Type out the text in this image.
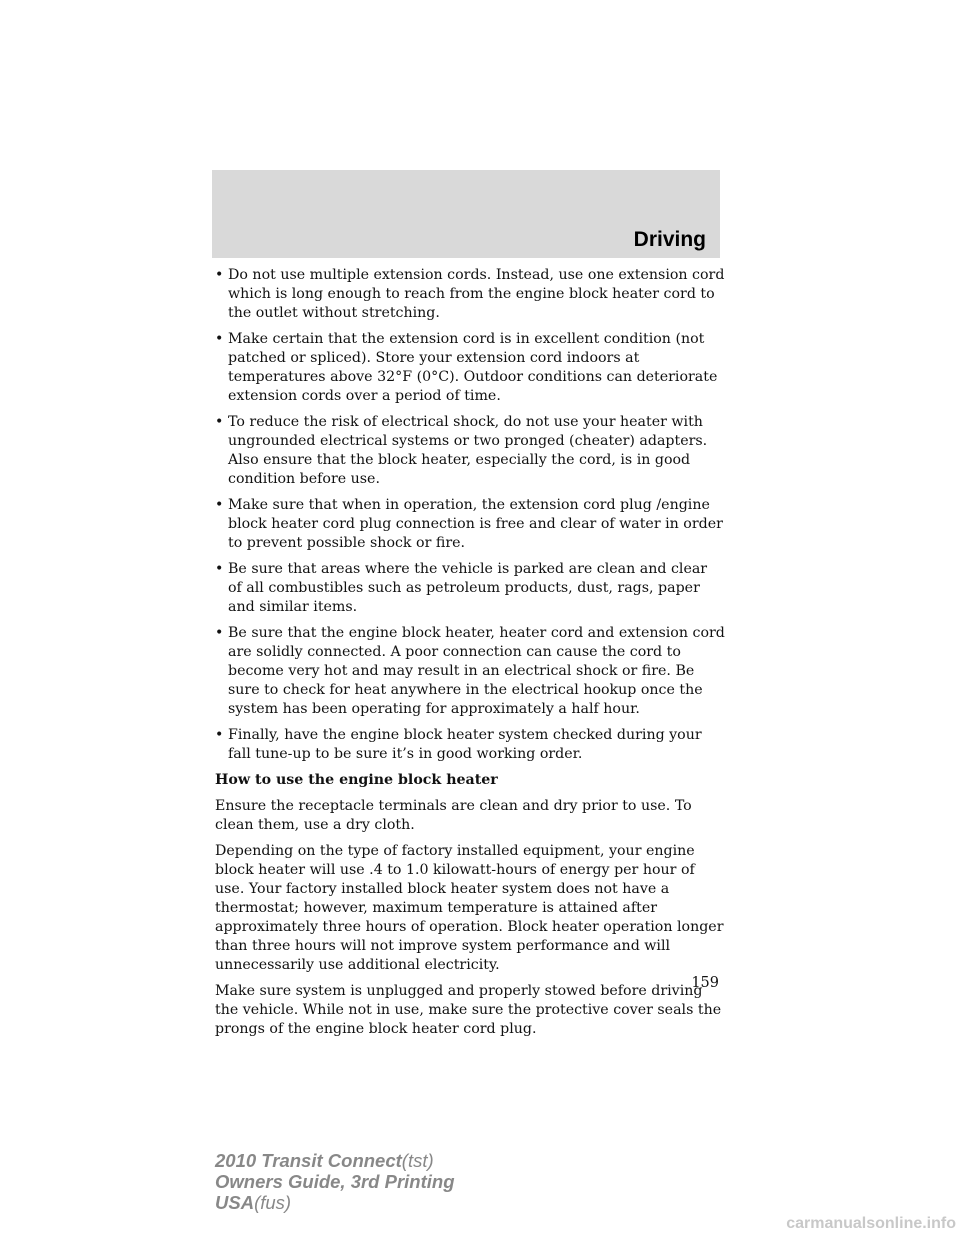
Driving
• Do not use multiple extension cords. Instead, use one extension cord which is long enough to reach from the engine block heater cord to the outlet without stretching.
• Make certain that the extension cord is in excellent condition (not patched or spliced). Store your extension cord indoors at temperatures above 32°F (0°C). Outdoor conditions can deteriorate extension cords over a period of time.
• To reduce the risk of electrical shock, do not use your heater with ungrounded electrical systems or two pronged (cheater) adapters. Also ensure that the block heater, especially the cord, is in good condition before use.
• Make sure that when in operation, the extension cord plug /engine block heater cord plug connection is free and clear of water in order to prevent possible shock or fire.
• Be sure that areas where the vehicle is parked are clean and clear of all combustibles such as petroleum products, dust, rags, paper and similar items.
• Be sure that the engine block heater, heater cord and extension cord are solidly connected. A poor connection can cause the cord to become very hot and may result in an electrical shock or fire. Be sure to check for heat anywhere in the electrical hookup once the system has been operating for approximately a half hour.
• Finally, have the engine block heater system checked during your fall tune-up to be sure it’s in good working order.
How to use the engine block heater

Ensure the receptacle terminals are clean and dry prior to use. To clean them, use a dry cloth.

Depending on the type of factory installed equipment, your engine block heater will use .4 to 1.0 kilowatt-hours of energy per hour of use. Your factory installed block heater system does not have a thermostat; however, maximum temperature is attained after approximately three hours of operation. Block heater operation longer than three hours will not improve system performance and will unnecessarily use additional electricity.

Make sure system is unplugged and properly stowed before driving the vehicle. While not in use, make sure the protective cover seals the prongs of the engine block heater cord plug.

159
2010 Transit Connect(tst)
Owners Guide, 3rd Printing
USA(fus)
carmanualsonline.info
